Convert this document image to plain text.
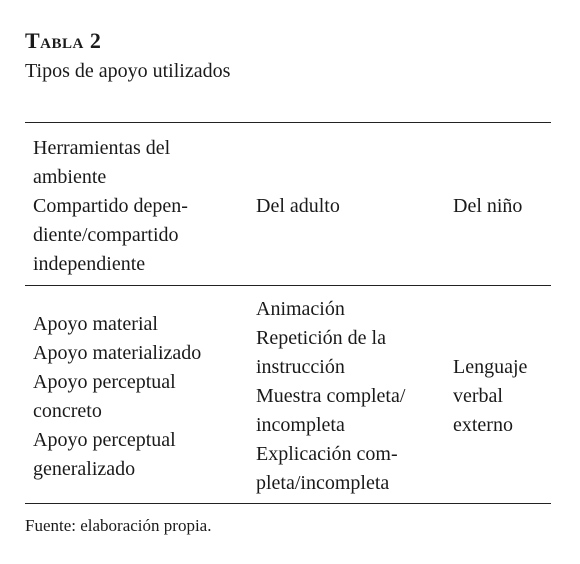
Tabla 2

Tipos de apoyo utilizados

Herramientas del
ambiente
Compartido depen-
diente/compartido
independiente

Del adulto	Del niño

Apoyo material
Apoyo materializado
Apoyo perceptual
concreto
Apoyo perceptual
generalizado

Animación
Repetición de la
instrucción
Muestra completa/
incompleta
Explicación com-
pleta/incompleta

Lenguaje
verbal
externo

Fuente: elaboración propia.
